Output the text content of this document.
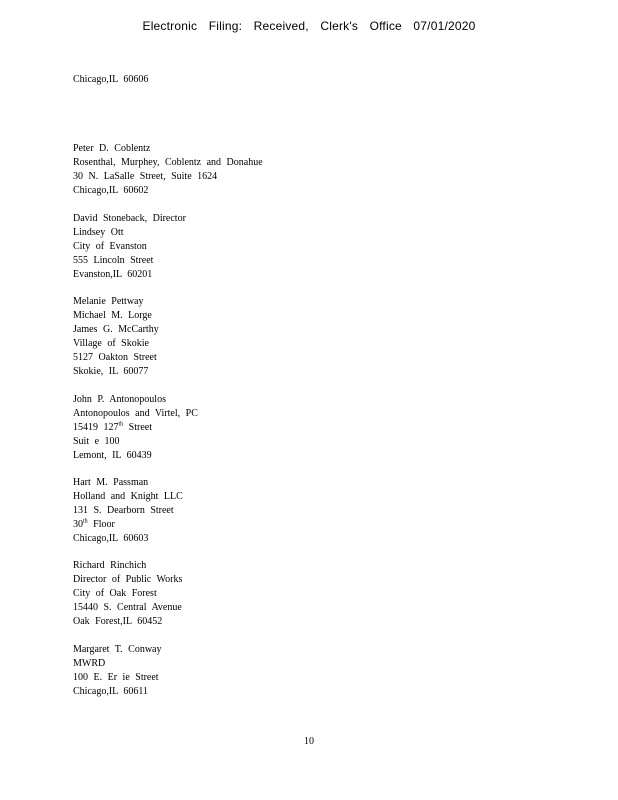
Electronic Filing: Received, Clerk's Office 07/01/2020
Chicago,IL 60606
Peter D. Coblentz
Rosenthal, Murphey, Coblentz and Donahue
30 N. LaSalle Street, Suite 1624
Chicago,IL 60602
David Stoneback, Director
Lindsey Ott
City of Evanston
555 Lincoln Street
Evanston,IL 60201
Melanie Pettway
Michael M. Lorge
James G. McCarthy
Village of Skokie
5127 Oakton Street
Skokie, IL 60077
John P. Antonopoulos
Antonopoulos and Virtel, PC
15419 127th Street
Suit e 100
Lemont, IL 60439
Hart M. Passman
Holland and Knight LLC
131 S. Dearborn Street
30th Floor
Chicago,IL 60603
Richard Rinchich
Director of Public Works
City of Oak Forest
15440 S. Central Avenue
Oak Forest,IL 60452
Margaret T. Conway
MWRD
100 E. Er ie Street
Chicago,IL 60611
10
